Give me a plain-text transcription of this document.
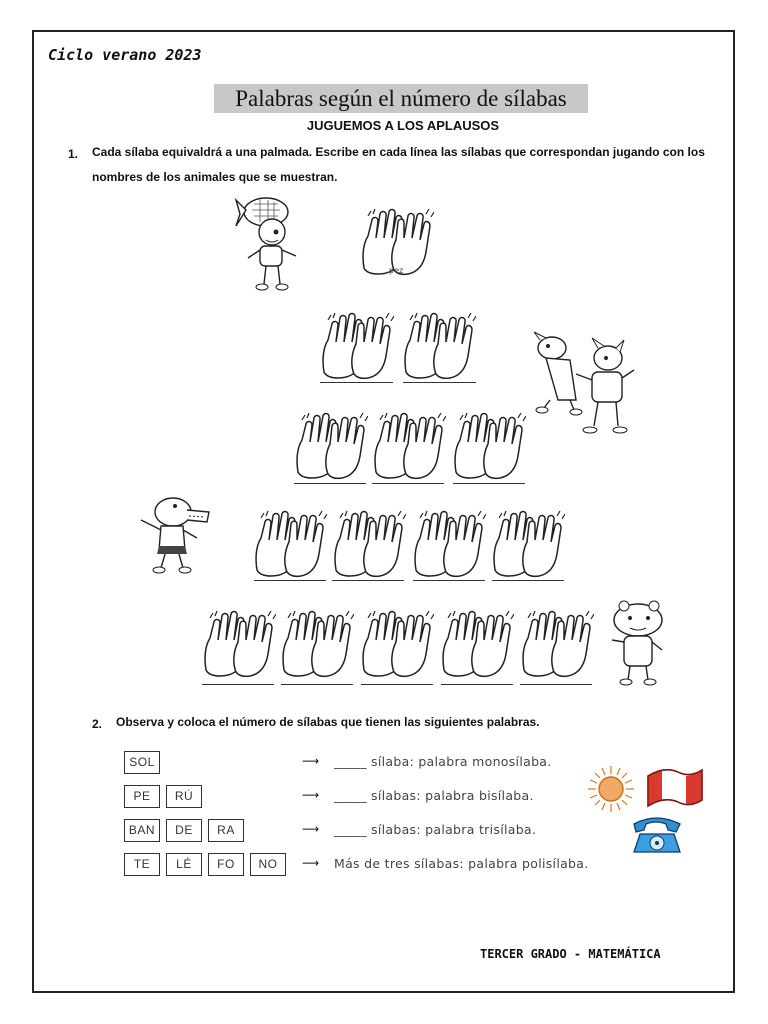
Ciclo verano 2023
Palabras según el número de sílabas
JUGUEMOS A LOS APLAUSOS
1. Cada sílaba equivaldrá a una palmada. Escribe en cada línea las sílabas que correspondan jugando con los nombres de los animales que se muestran.
pez
2. Observa y coloca el número de sílabas que tienen las siguientes palabras.
SOL	⟶ _____ sílaba: palabra monosílaba.
PE	RÚ	⟶ _____ sílabas: palabra bisílaba.
BAN	DE	RA	⟶ _____ sílabas: palabra trisílaba.
TE	LÉ	FO	NO	⟶ Más de tres sílabas: palabra polisílaba.
TERCER GRADO - MATEMÁTICA
